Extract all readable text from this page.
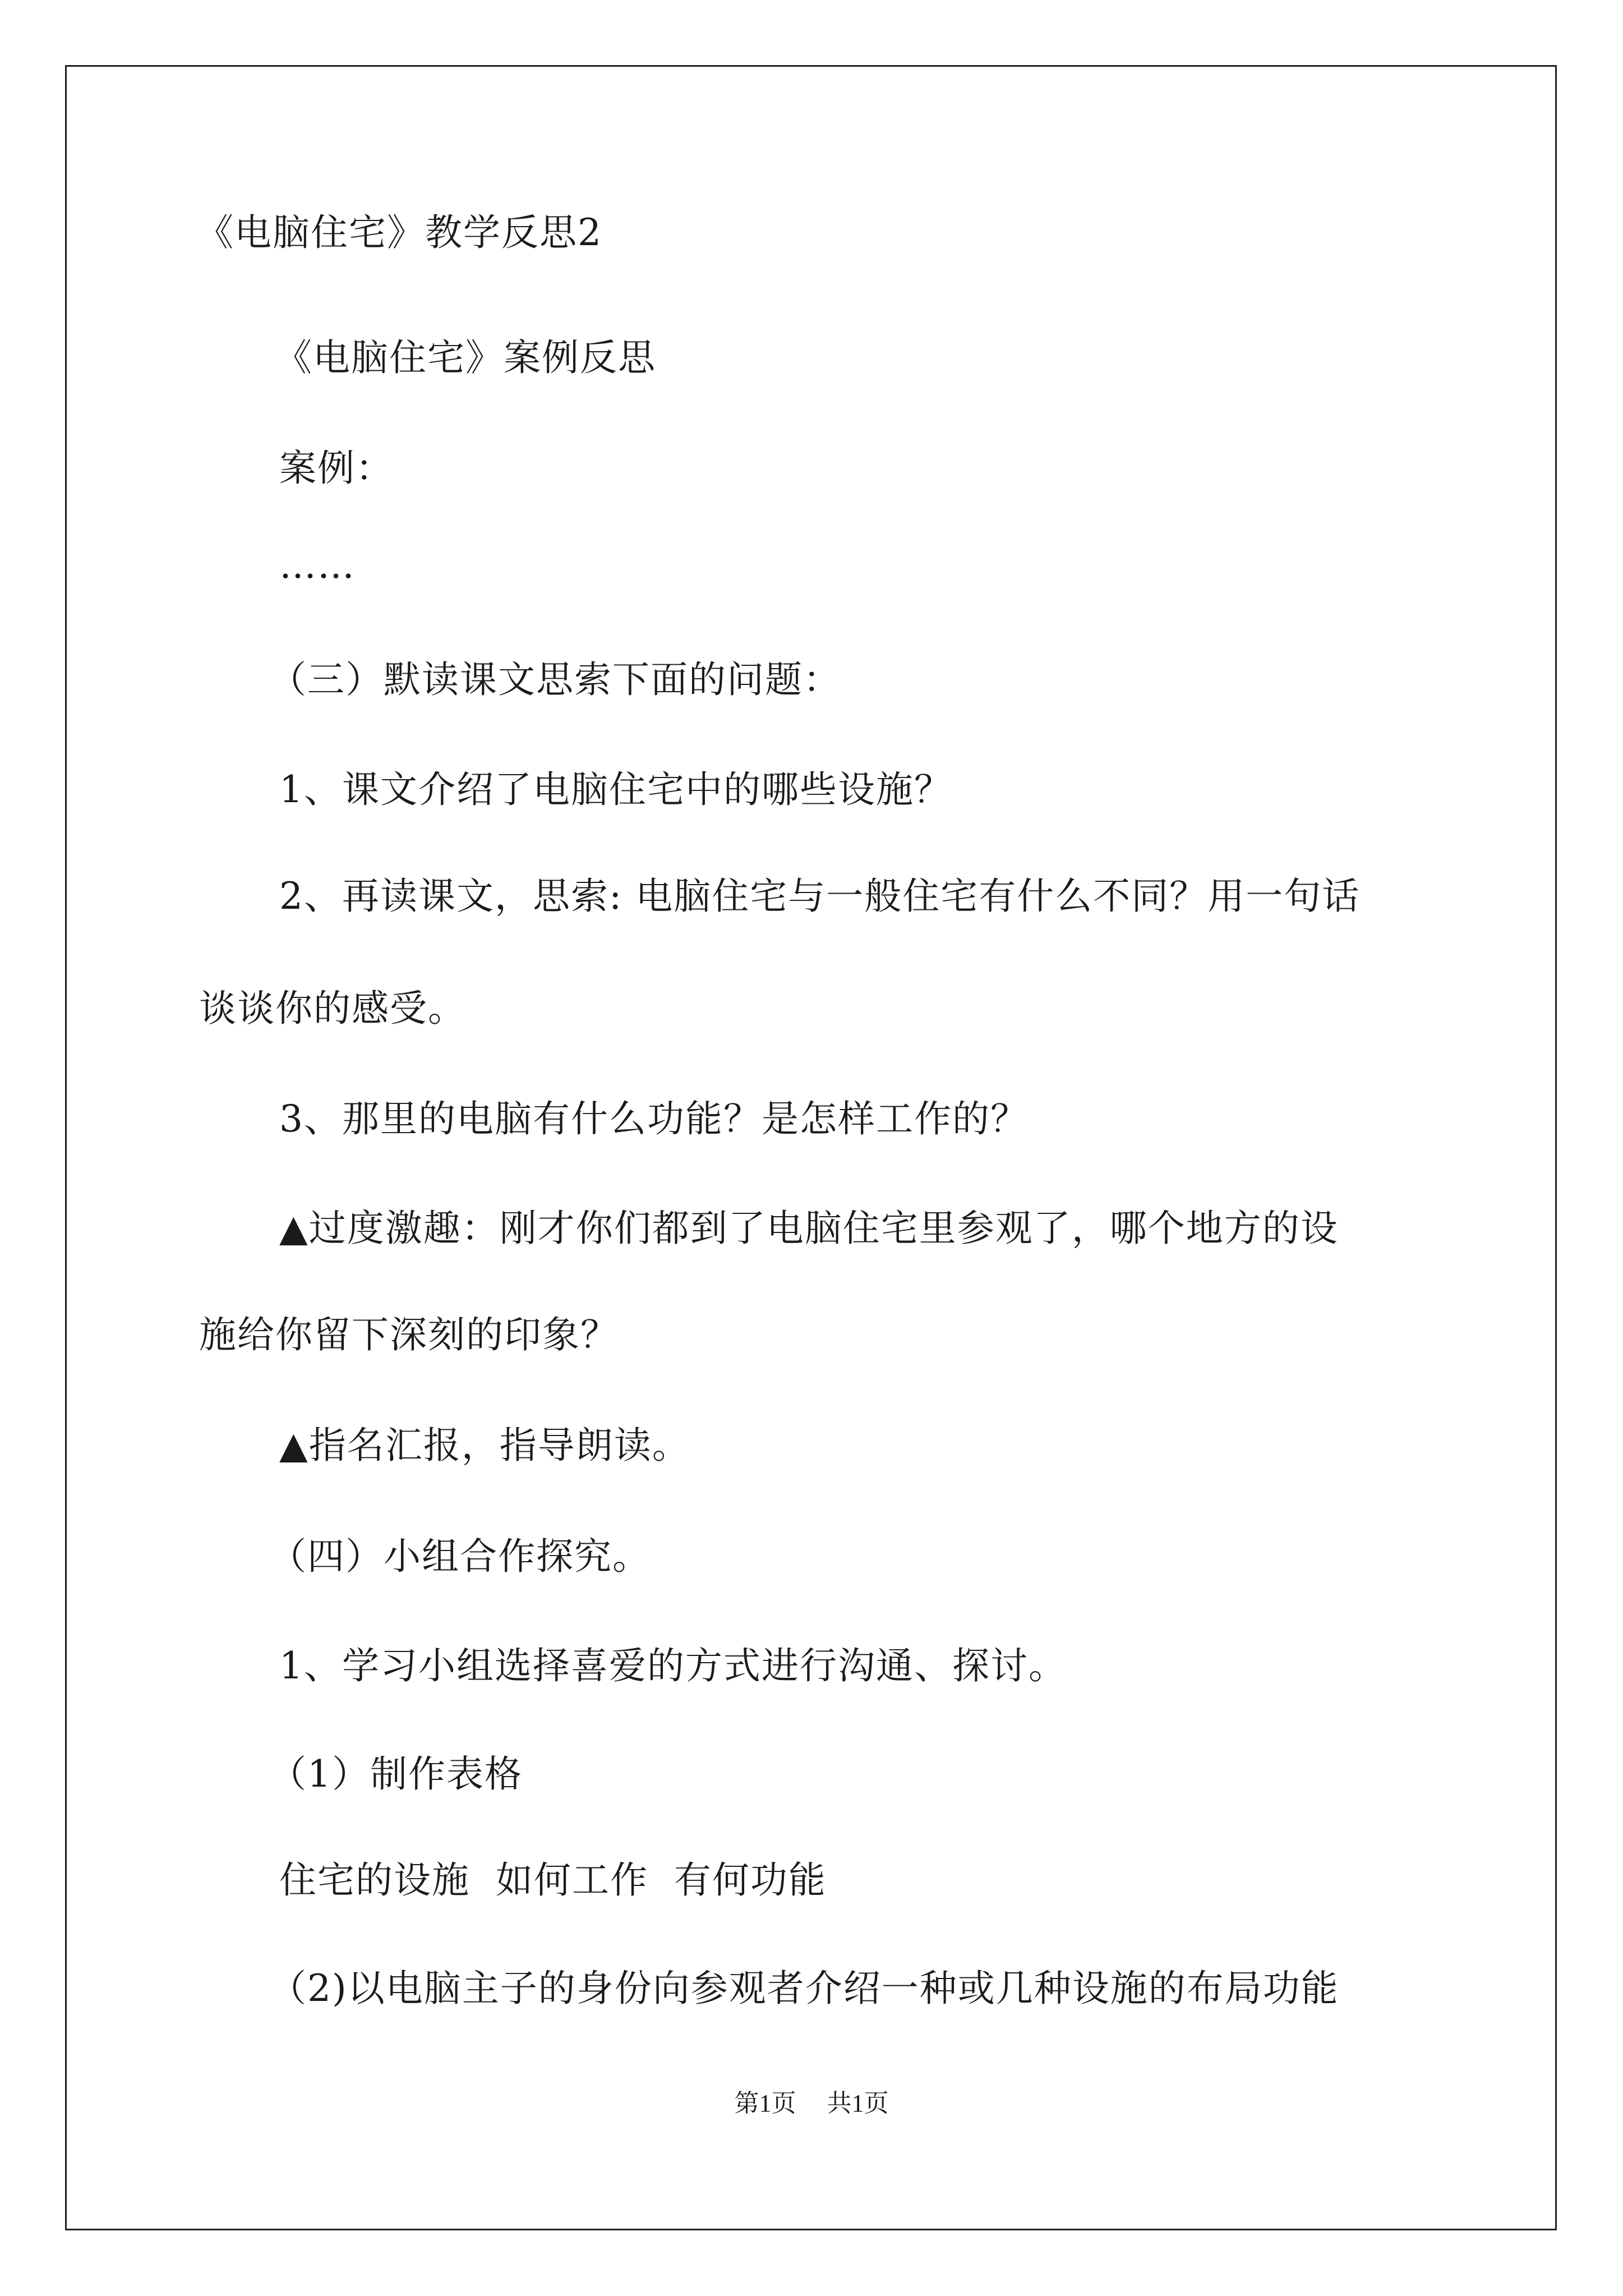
《电脑住宅》教学反思2
《电脑住宅》案例反思
案例：
……
（三）默读课文思索下面的问题：
1、课文介绍了电脑住宅中的哪些设施？
2、再读课文，思索: 电脑住宅与一般住宅有什么不同？用一句话
谈谈你的感受。
3、那里的电脑有什么功能？是怎样工作的？
▲过度激趣：刚才你们都到了电脑住宅里参观了，哪个地方的设
施给你留下深刻的印象？
▲指名汇报，指导朗读。
（四）小组合作探究。
1、学习小组选择喜爱的方式进行沟通、探讨。
（1）制作表格
住宅的设施  如何工作  有何功能
（2)以电脑主子的身份向参观者介绍一种或几种设施的布局功能
第1页 共1页
